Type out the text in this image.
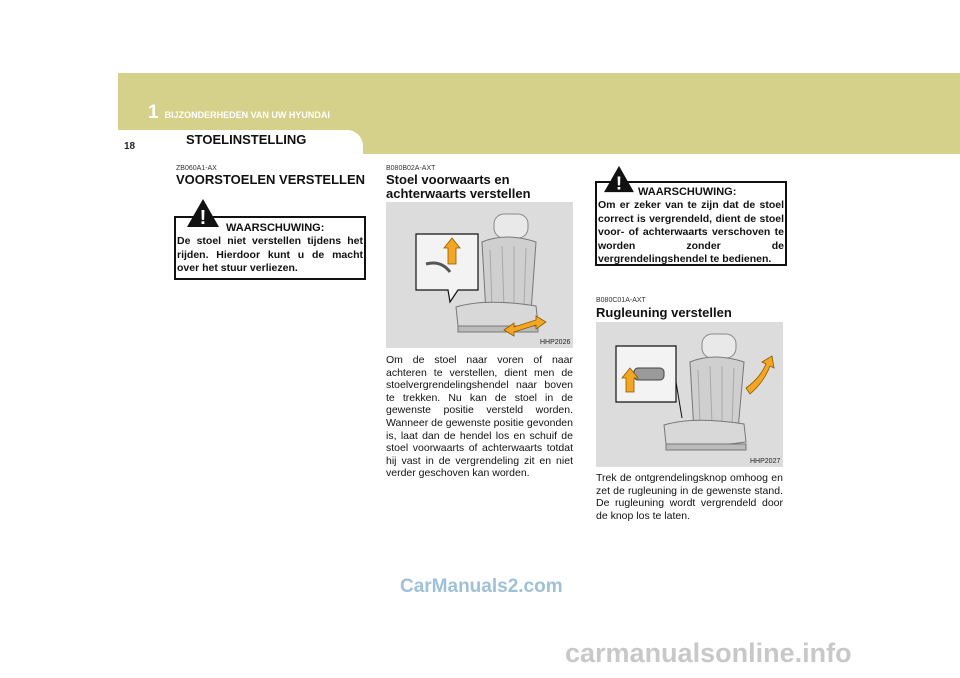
1 BIJZONDERHEDEN VAN UW HYUNDAI
18	STOELINSTELLING
ZB060A1-AX
VOORSTOELEN VERSTELLEN
! WAARSCHUWING:
De stoel niet verstellen tijdens het rijden. Hierdoor kunt u de macht over het stuur verliezen.
B080B02A-AXT
Stoel voorwaarts en
achterwaarts verstellen
HHP2026
Om de stoel naar voren of naar achteren te verstellen, dient men de stoelvergrendelingshendel naar boven te trekken. Nu kan de stoel in de gewenste positie versteld worden. Wanneer de gewenste positie gevonden is, laat dan de hendel los en schuif de stoel voorwaarts of achterwaarts totdat hij vast in de vergrendeling zit en niet verder geschoven kan worden.
! WAARSCHUWING:
Om er zeker van te zijn dat de stoel correct is vergrendeld, dient de stoel voor- of achterwaarts verschoven te worden zonder de vergrendelingshendel te bedienen.
B080C01A-AXT
Rugleuning verstellen
HHP2027
Trek de ontgrendelingsknop omhoog en zet de rugleuning in de gewenste stand. De rugleuning wordt vergrendeld door de knop los te laten.
CarManuals2.com
carmanualsonline.info
